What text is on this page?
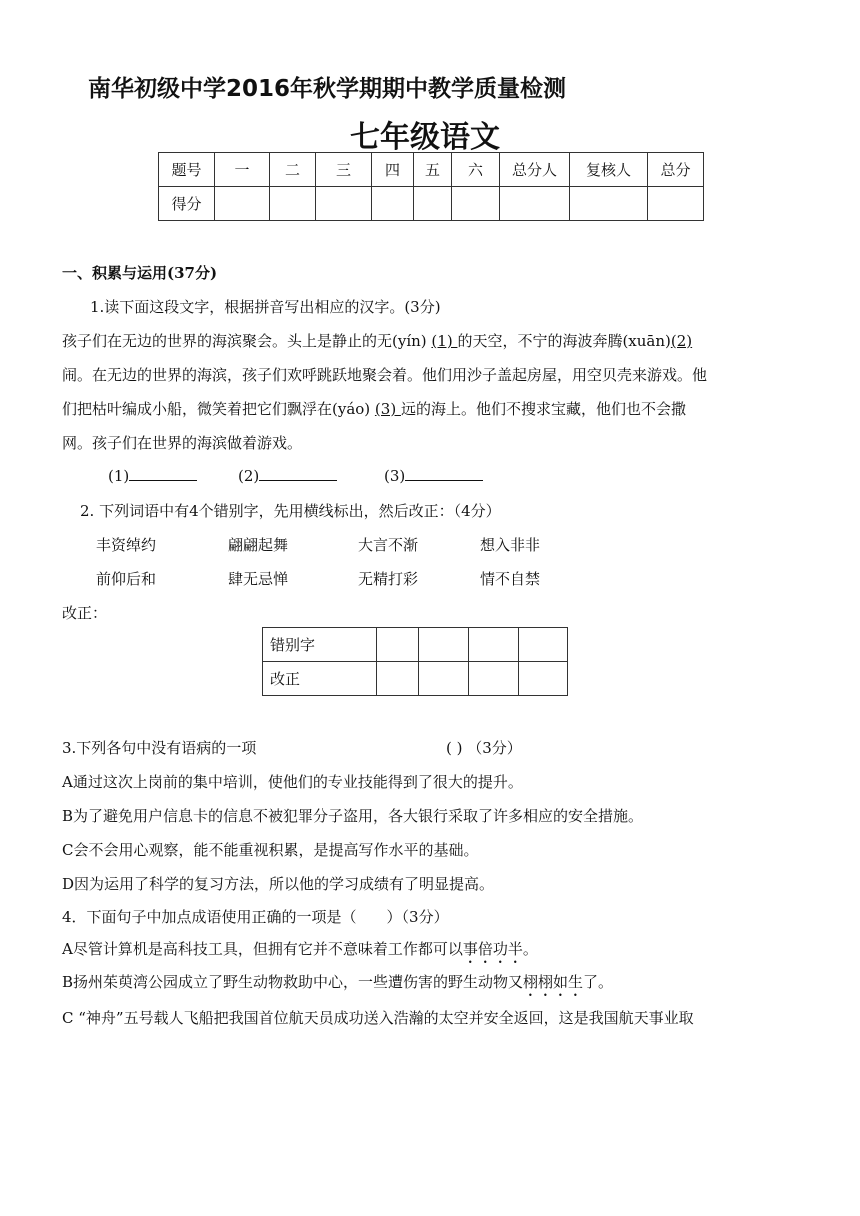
南华初级中学2016年秋学期期中教学质量检测
七年级语文
题号	一	二	三	四	五	六	总分人	复核人	总分
得分									
一、积累与运用(37分)
1.读下面这段文字，根据拼音写出相应的汉字。(3分)
孩子们在无边的世界的海滨聚会。头上是静止的无(yín) (1) 的天空，不宁的海波奔腾(xuān)(2)
闹。在无边的世界的海滨，孩子们欢呼跳跃地聚会着。他们用沙子盖起房屋，用空贝壳来游戏。他
们把枯叶编成小船，微笑着把它们飘浮在(yáo) (3) 远的海上。他们不搜求宝藏，他们也不会撒
网。孩子们在世界的海滨做着游戏。
(1)	(2)	(3)
2. 下列词语中有4个错别字，先用横线标出，然后改正：（4分）
丰资绰约	翩翩起舞	大言不渐	想入非非
前仰后和	肆无忌惮	无精打彩	情不自禁
改正：
错别字				
改正				
3.下列各句中没有语病的一项	( ) （3分）
A通过这次上岗前的集中培训，使他们的专业技能得到了很大的提升。
B为了避免用户信息卡的信息不被犯罪分子盗用，各大银行采取了许多相应的安全措施。
C会不会用心观察，能不能重视积累，是提高写作水平的基础。
D因为运用了科学的复习方法，所以他的学习成绩有了明显提高。
4．下面句子中加点成语使用正确的一项是（　　）（3分）
A尽管计算机是高科技工具，但拥有它并不意味着工作都可以事倍功半。
B扬州茱萸湾公园成立了野生动物救助中心，一些遭伤害的野生动物又栩栩如生了。
C “神舟”五号载人飞船把我国首位航天员成功送入浩瀚的太空并安全返回，这是我国航天事业取
